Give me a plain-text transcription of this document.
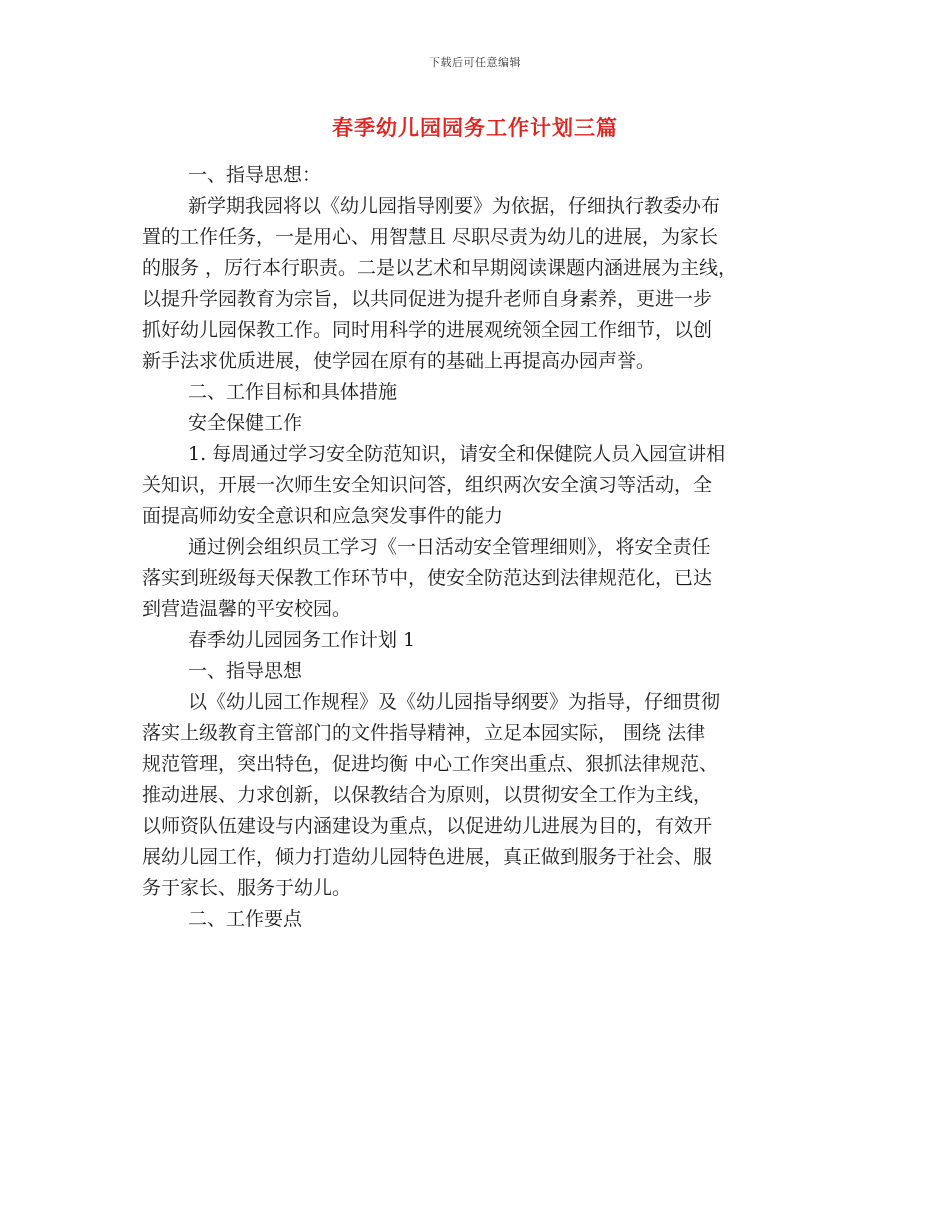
下载后可任意编辑
春季幼儿园园务工作计划三篇
一、指导思想：
新学期我园将以《幼儿园指导刚要》为依据，仔细执行教委办布
置的工作任务，一是用心、用智慧且 尽职尽责为幼儿的进展，为家长
的服务 ，厉行本行职责。二是以艺术和早期阅读课题内涵进展为主线，
以提升学园教育为宗旨，以共同促进为提升老师自身素养，更进一步
抓好幼儿园保教工作。同时用科学的进展观统领全园工作细节，以创
新手法求优质进展，使学园在原有的基础上再提高办园声誉。
二、工作目标和具体措施
安全保健工作
1. 每周通过学习安全防范知识，请安全和保健院人员入园宣讲相
关知识，开展一次师生安全知识问答，组织两次安全演习等活动，全
面提高师幼安全意识和应急突发事件的能力
通过例会组织员工学习《一日活动安全管理细则》，将安全责任
落实到班级每天保教工作环节中，使安全防范达到法律规范化，已达
到营造温馨的平安校园。
春季幼儿园园务工作计划 1
一、指导思想
以《幼儿园工作规程》及《幼儿园指导纲要》为指导，仔细贯彻
落实上级教育主管部门的文件指导精神，立足本园实际， 围绕 法律
规范管理，突出特色，促进均衡 中心工作突出重点、狠抓法律规范、
推动进展、力求创新，以保教结合为原则，以贯彻安全工作为主线，
以师资队伍建设与内涵建设为重点，以促进幼儿进展为目的，有效开
展幼儿园工作，倾力打造幼儿园特色进展，真正做到服务于社会、服
务于家长、服务于幼儿。
二、工作要点
